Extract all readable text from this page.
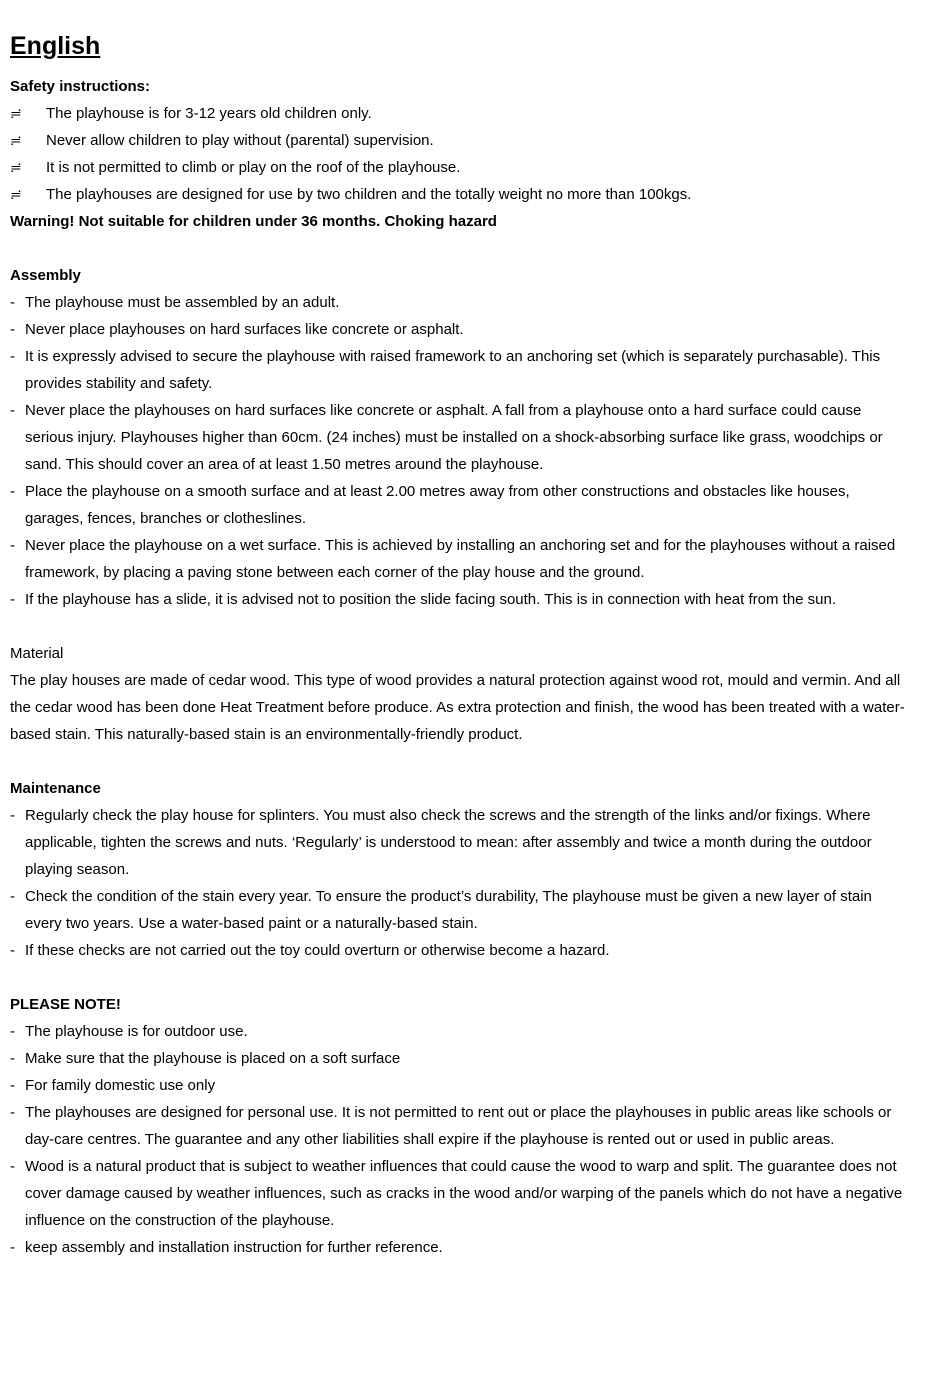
English
Safety instructions:
≓	The playhouse is for 3-12 years old children only.
≓	Never allow children to play without (parental) supervision.
≓	It is not permitted to climb or play on the roof of the playhouse.
≓	The playhouses are designed for use by two children and the totally weight no more than 100kgs.
Warning! Not suitable for children under 36 months. Choking hazard
Assembly
- The playhouse must be assembled by an adult.
- Never place playhouses on hard surfaces like concrete or asphalt.
- It is expressly advised to secure the playhouse with raised framework to an anchoring set (which is separately purchasable). This provides stability and safety.
- Never place the playhouses on hard surfaces like concrete or asphalt. A fall from a playhouse onto a hard surface could cause serious injury. Playhouses higher than 60cm. (24 inches) must be installed on a shock-absorbing surface like grass, woodchips or sand. This should cover an area of at least 1.50 metres around the playhouse.
- Place the playhouse on a smooth surface and at least 2.00 metres away from other constructions and obstacles like houses, garages, fences, branches or clotheslines.
- Never place the playhouse on a wet surface. This is achieved by installing an anchoring set and for the playhouses without a raised framework, by placing a paving stone between each corner of the play house and the ground.
- If the playhouse has a slide, it is advised not to position the slide facing south. This is in connection with heat from the sun.
Material

The play houses are made of cedar wood. This type of wood provides a natural protection against wood rot, mould and vermin. And all the cedar wood has been done Heat Treatment before produce. As extra protection and finish, the wood has been treated with a water-based stain. This naturally-based stain is an environmentally-friendly product.

Maintenance
- Regularly check the play house for splinters. You must also check the screws and the strength of the links and/or fixings. Where applicable, tighten the screws and nuts. ‘Regularly’ is understood to mean: after assembly and twice a month during the outdoor playing season.
- Check the condition of the stain every year. To ensure the product’s durability, The playhouse must be given a new layer of stain every two years. Use a water-based paint or a naturally-based stain.
- If these checks are not carried out the toy could overturn or otherwise become a hazard.
PLEASE NOTE!
- The playhouse is for outdoor use.
- Make sure that the playhouse is placed on a soft surface
- For family domestic use only
- The playhouses are designed for personal use. It is not permitted to rent out or place the playhouses in public areas like schools or day-care centres. The guarantee and any other liabilities shall expire if the playhouse is rented out or used in public areas.
- Wood is a natural product that is subject to weather influences that could cause the wood to warp and split. The guarantee does not cover damage caused by weather influences, such as cracks in the wood and/or warping of the panels which do not have a negative influence on the construction of the playhouse.
- keep assembly and installation instruction for further reference.
